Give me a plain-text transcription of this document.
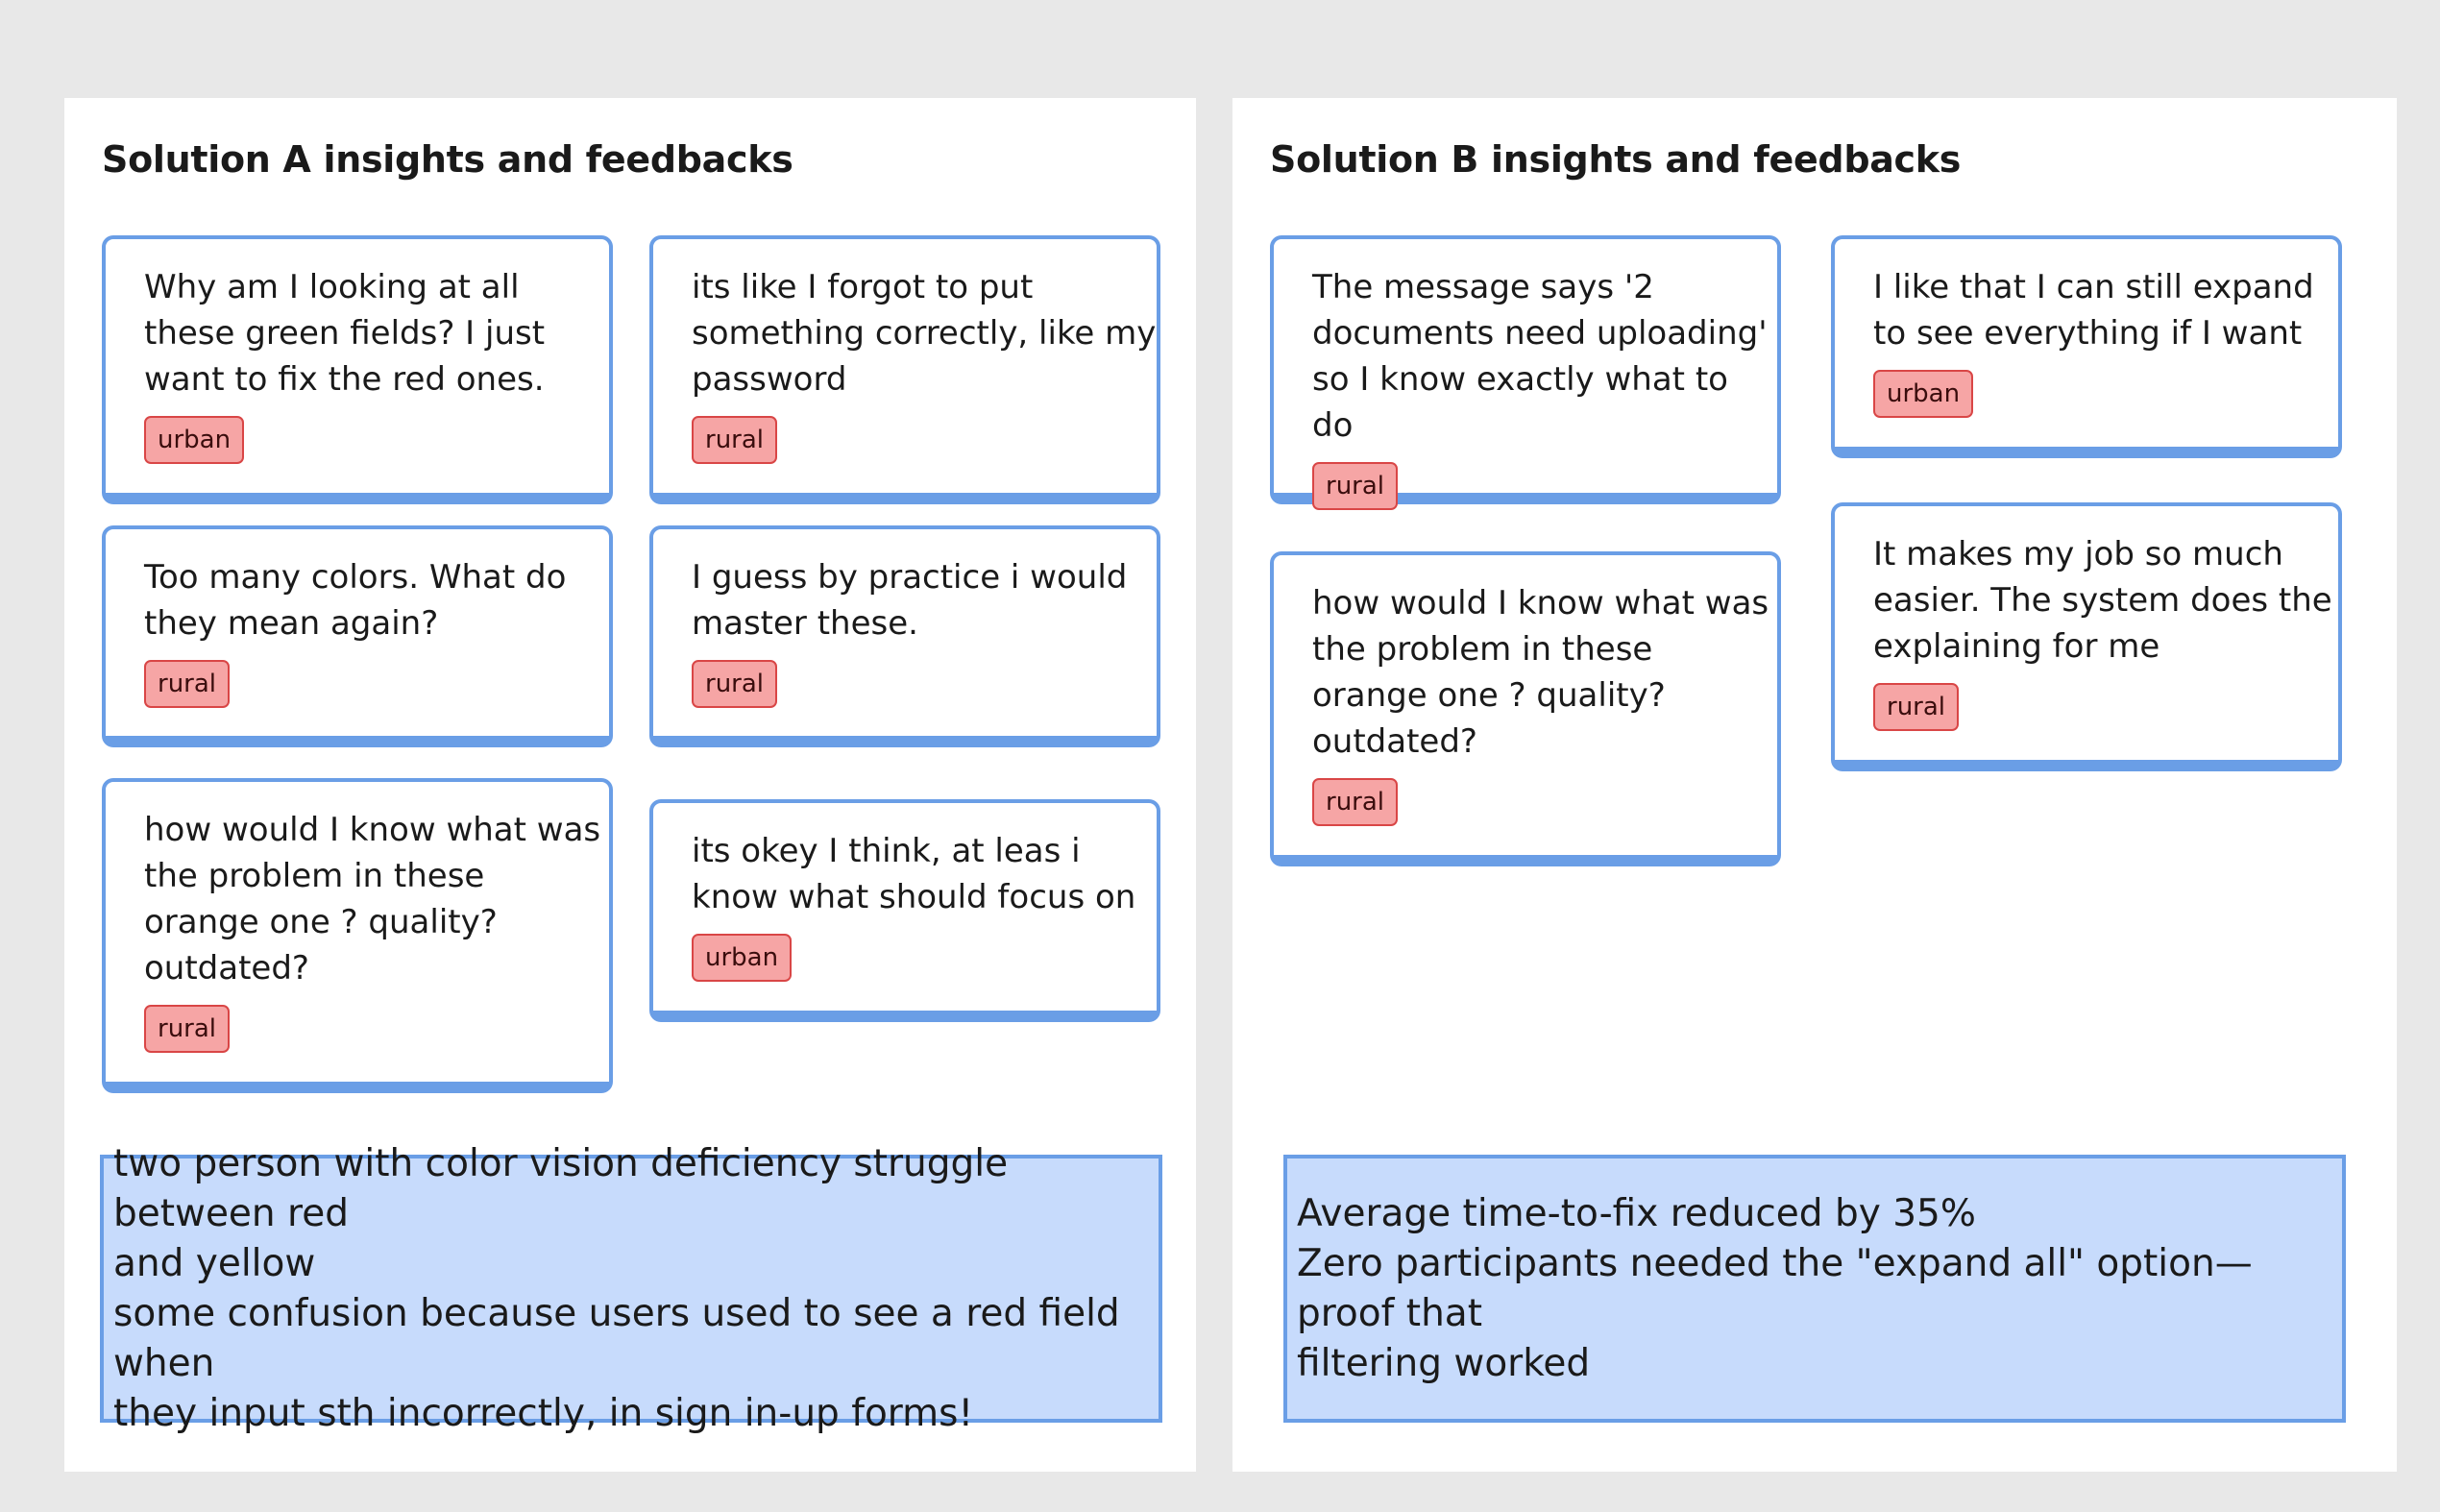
Solution A insights and feedbacks

Why am I looking at all
these green fields? I just
want to fix the red ones.

urban

its like I forgot to put
something correctly, like my
password

rural

Too many colors. What do
they mean again?

rural

I guess by practice i would
master these.

rural

how would I know what was
the problem in these
orange one ? quality?
outdated?

rural

its okey I think, at leas i
know what should focus on

urban

two person with color vision deficiency struggle between red
and yellow
some confusion because users used to see a red field when
they input sth incorrectly, in sign in-up forms!

Solution B insights and feedbacks

The message says '2
documents need uploading'
so I know exactly what to do

rural

I like that I can still expand
to see everything if I want

urban

how would I know what was
the problem in these
orange one ? quality?
outdated?

rural

It makes my job so much
easier. The system does the
explaining for me

rural

Average time-to-fix reduced by 35%
Zero participants needed the "expand all" option—proof that
filtering worked
